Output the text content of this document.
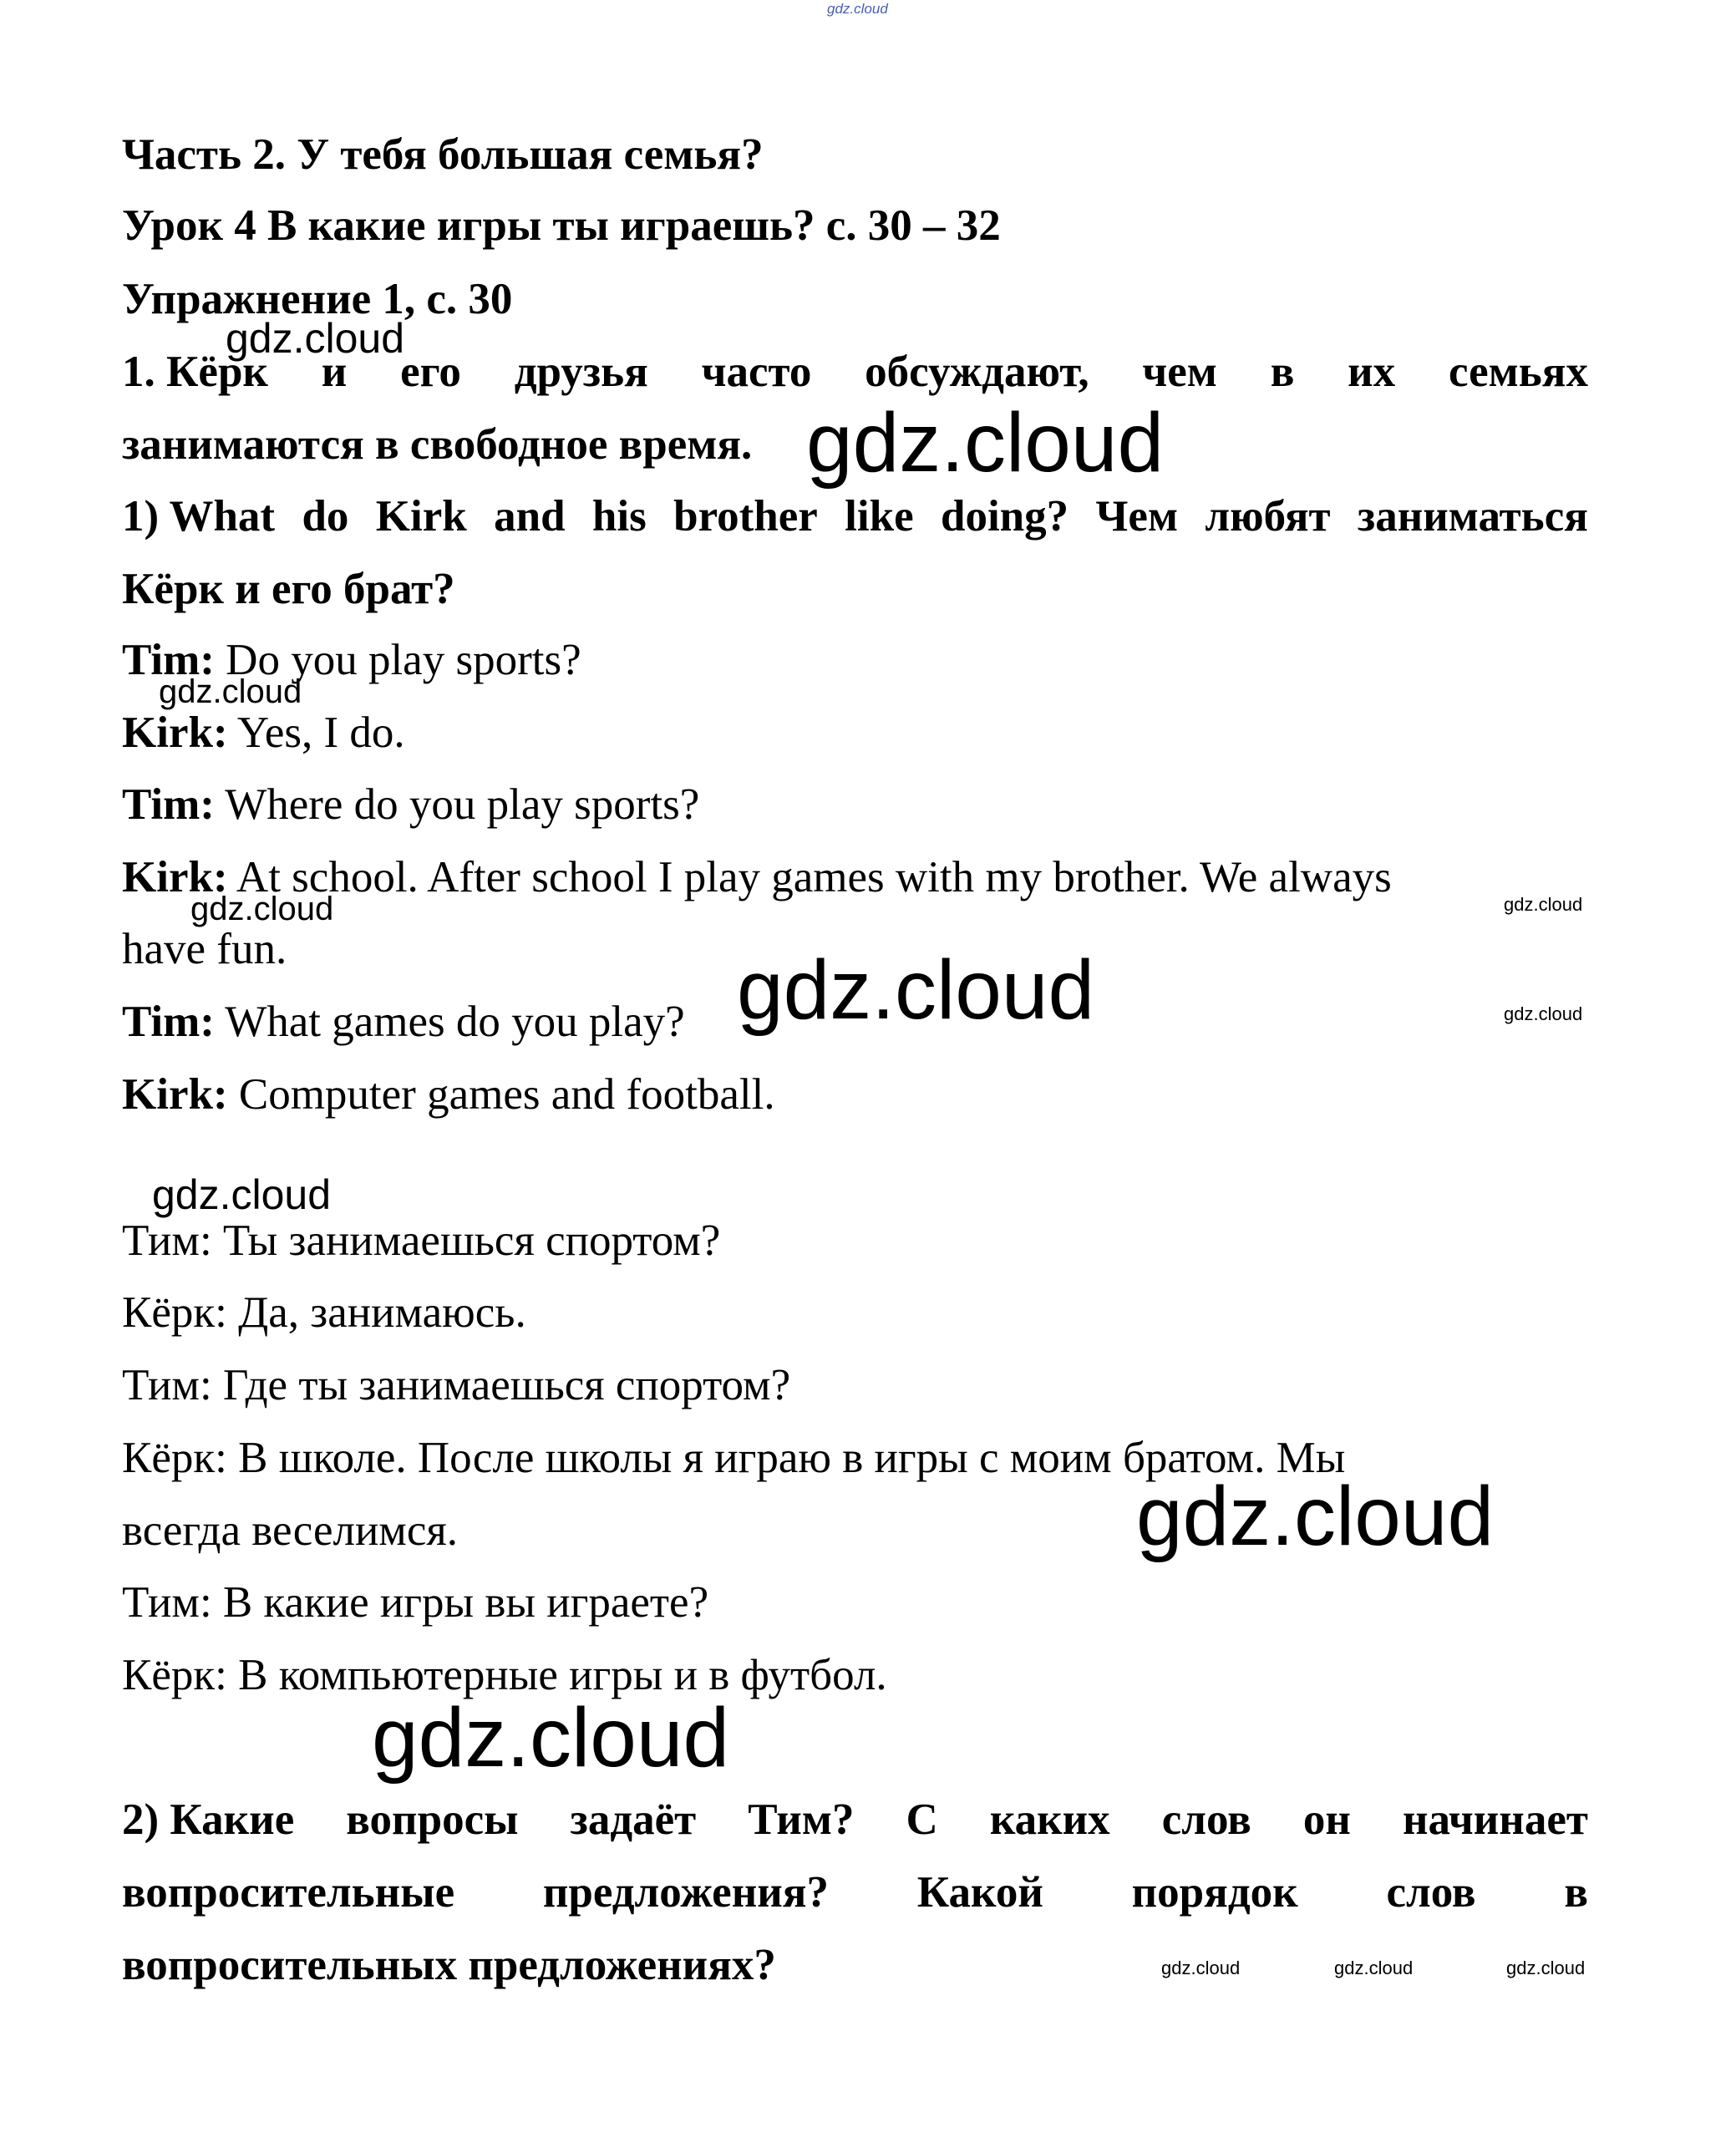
gdz.cloud
Часть 2. У тебя большая семья?
Урок 4 В какие игры ты играешь? с. 30 – 32
Упражнение 1, с. 30
gdz.cloud
1. Кёрк и его друзья часто обсуждают, чем в их семьях
занимаются в свободное время. gdz.cloud
1) What do Kirk and his brother like doing? Чем любят заниматься
Кёрк и его брат?
Tim: Do you play sports?
gdz.cloud
Kirk: Yes, I do.
Tim: Where do you play sports?
Kirk: At school. After school I play games with my brother. We always
gdz.cloud	gdz.cloud
have fun.
Tim: What games do you play? gdz.cloud	gdz.cloud
Kirk: Computer games and football.
gdz.cloud
Тим: Ты занимаешься спортом?
Кёрк: Да, занимаюсь.
Тим: Где ты занимаешься спортом?
Кёрк: В школе. После школы я играю в игры с моим братом. Мы
всегда веселимся.	gdz.cloud
Тим: В какие игры вы играете?
Кёрк: В компьютерные игры и в футбол.
gdz.cloud
2) Какие вопросы задаёт Тим? С каких слов он начинает
вопросительные предложения? Какой порядок слов в
вопросительных предложениях?	gdz.cloud	gdz.cloud	gdz.cloud
